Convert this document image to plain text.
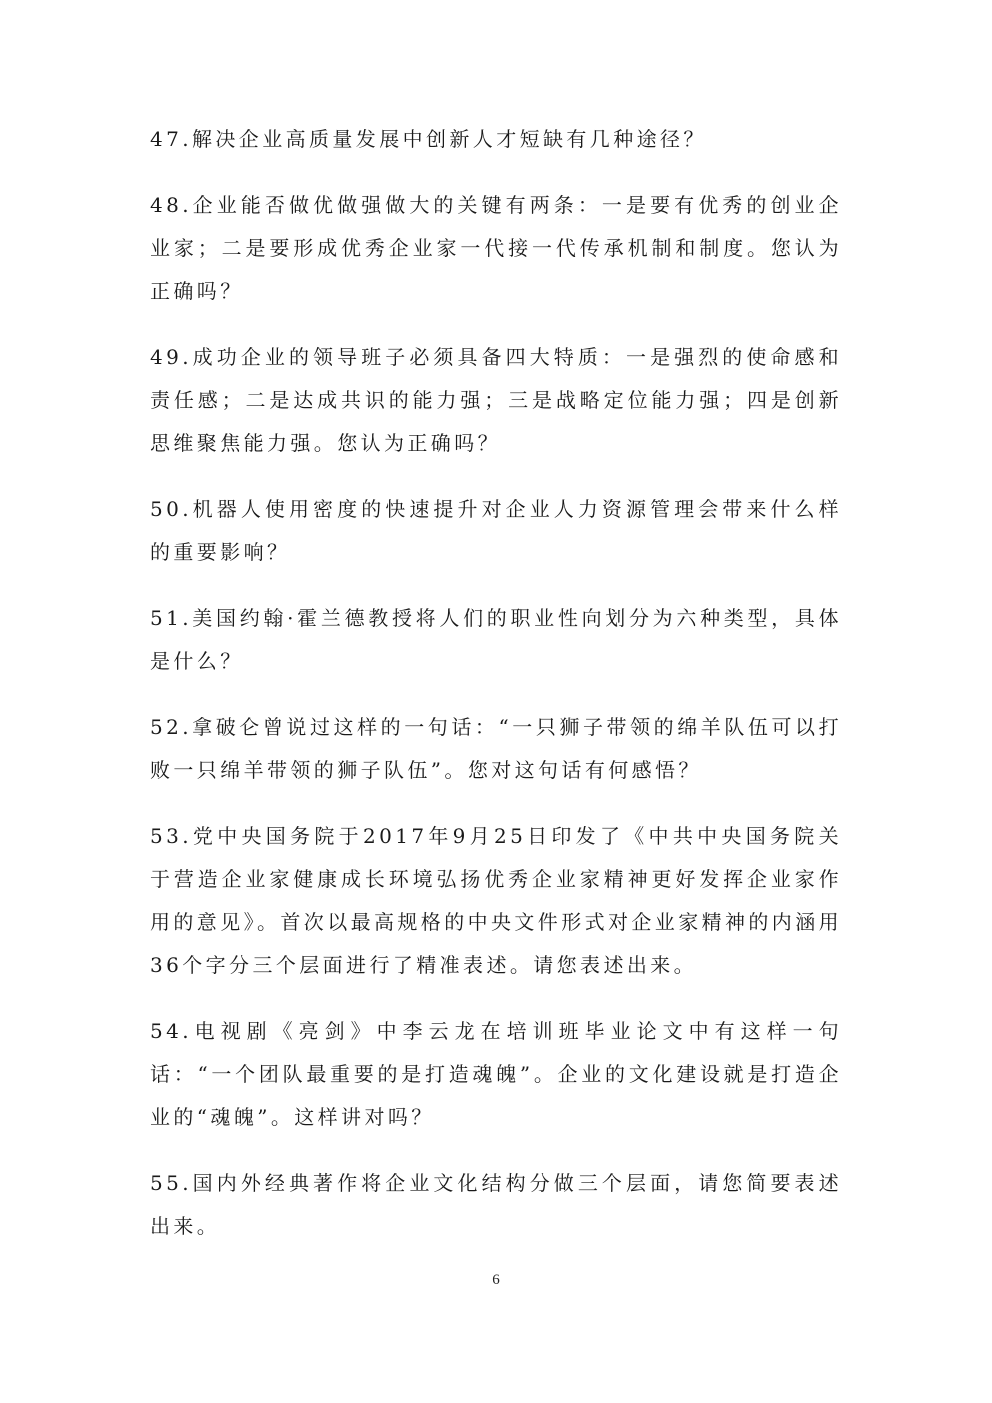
47.解决企业高质量发展中创新人才短缺有几种途径？

48.企业能否做优做强做大的关键有两条：一是要有优秀的创业企业家；二是要形成优秀企业家一代接一代传承机制和制度。您认为正确吗？

49.成功企业的领导班子必须具备四大特质：一是强烈的使命感和责任感；二是达成共识的能力强；三是战略定位能力强；四是创新思维聚焦能力强。您认为正确吗？

50.机器人使用密度的快速提升对企业人力资源管理会带来什么样的重要影响？

51.美国约翰·霍兰德教授将人们的职业性向划分为六种类型，具体是什么？

52.拿破仑曾说过这样的一句话：“一只狮子带领的绵羊队伍可以打败一只绵羊带领的狮子队伍”。您对这句话有何感悟？

53.党中央国务院于2017年9月25日印发了《中共中央国务院关于营造企业家健康成长环境弘扬优秀企业家精神更好发挥企业家作用的意见》。首次以最高规格的中央文件形式对企业家精神的内涵用36个字分三个层面进行了精准表述。请您表述出来。

54.电视剧《亮剑》中李云龙在培训班毕业论文中有这样一句话：“一个团队最重要的是打造魂魄”。企业的文化建设就是打造企业的“魂魄”。这样讲对吗？

55.国内外经典著作将企业文化结构分做三个层面，请您简要表述出来。

6
